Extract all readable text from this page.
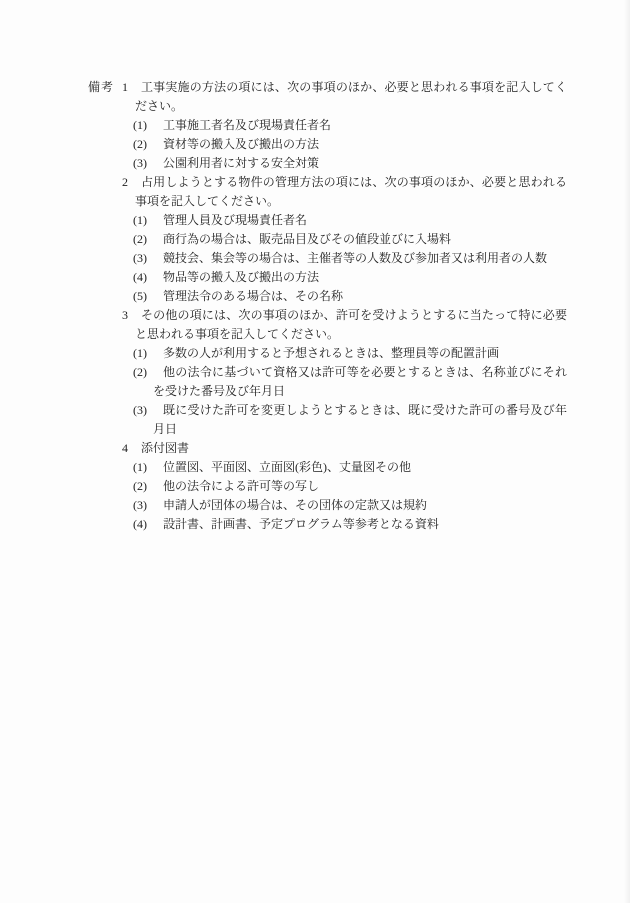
備考 1	工事実施の方法の項には、次の事項のほか、必要と思われる事項を記入してください。

(1)	工事施工者名及び現場責任者名

(2)	資材等の搬入及び搬出の方法

(3)	公園利用者に対する安全対策

2	占用しようとする物件の管理方法の項には、次の事項のほか、必要と思われる事項を記入してください。

(1)	管理人員及び現場責任者名

(2)	商行為の場合は、販売品目及びその値段並びに入場料

(3)	競技会、集会等の場合は、主催者等の人数及び参加者又は利用者の人数

(4)	物品等の搬入及び搬出の方法

(5)	管理法令のある場合は、その名称

3	その他の項には、次の事項のほか、許可を受けようとするに当たって特に必要と思われる事項を記入してください。

(1)	多数の人が利用すると予想されるときは、整理員等の配置計画

(2)	他の法令に基づいて資格又は許可等を必要とするときは、名称並びにそれを受けた番号及び年月日

(3)	既に受けた許可を変更しようとするときは、既に受けた許可の番号及び年月日

4	添付図書

(1)	位置図、平面図、立面図(彩色)、丈量図その他

(2)	他の法令による許可等の写し

(3)	申請人が団体の場合は、その団体の定款又は規約

(4)	設計書、計画書、予定プログラム等参考となる資料
